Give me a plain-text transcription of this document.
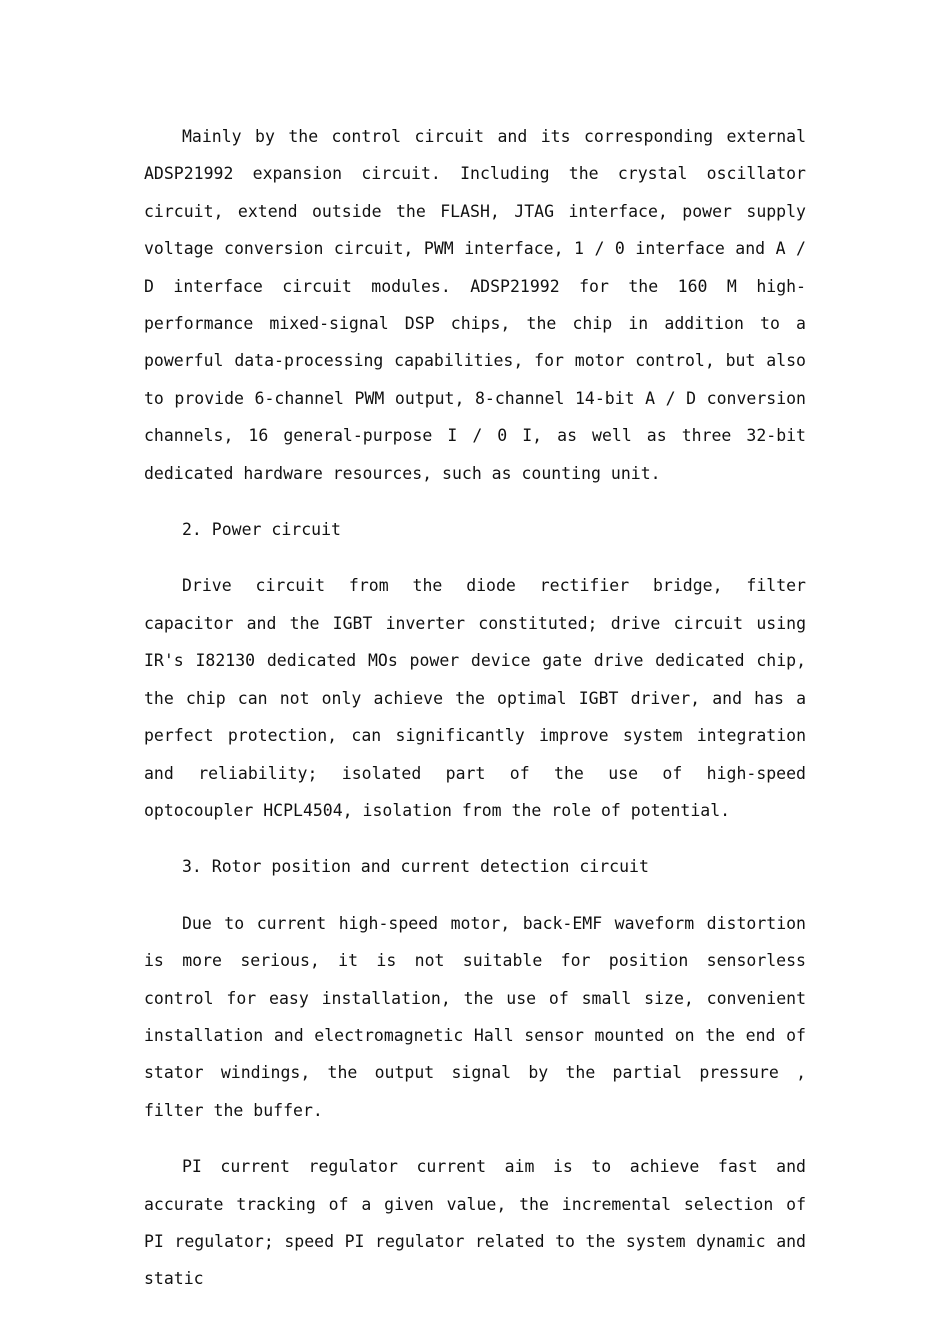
Mainly by the control circuit and its corresponding external ADSP21992 expansion circuit. Including the crystal oscillator circuit, extend outside the FLASH, JTAG interface, power supply voltage conversion circuit, PWM interface, 1 / 0 interface and A / D interface circuit modules. ADSP21992 for the 160 M high-performance mixed-signal DSP chips, the chip in addition to a powerful data-processing capabilities, for motor control, but also to provide 6-channel PWM output, 8-channel 14-bit A / D conversion channels, 16 general-purpose I / 0 I, as well as three 32-bit dedicated hardware resources, such as counting unit.

2. Power circuit

Drive circuit from the diode rectifier bridge, filter capacitor and the IGBT inverter constituted; drive circuit using IR's I82130 dedicated MOs power device gate drive dedicated chip, the chip can not only achieve the optimal IGBT driver, and has a perfect protection, can significantly improve system integration and reliability; isolated part of the use of high-speed optocoupler HCPL4504, isolation from the role of potential.

3. Rotor position and current detection circuit

Due to current high-speed motor, back-EMF waveform distortion is more serious, it is not suitable for position sensorless control for easy installation, the use of small size, convenient installation and electromagnetic Hall sensor mounted on the end of stator windings, the output signal by the partial pressure , filter the buffer.

PI current regulator current aim is to achieve fast and accurate tracking of a given value, the incremental selection of PI regulator; speed PI regulator related to the system dynamic and static
